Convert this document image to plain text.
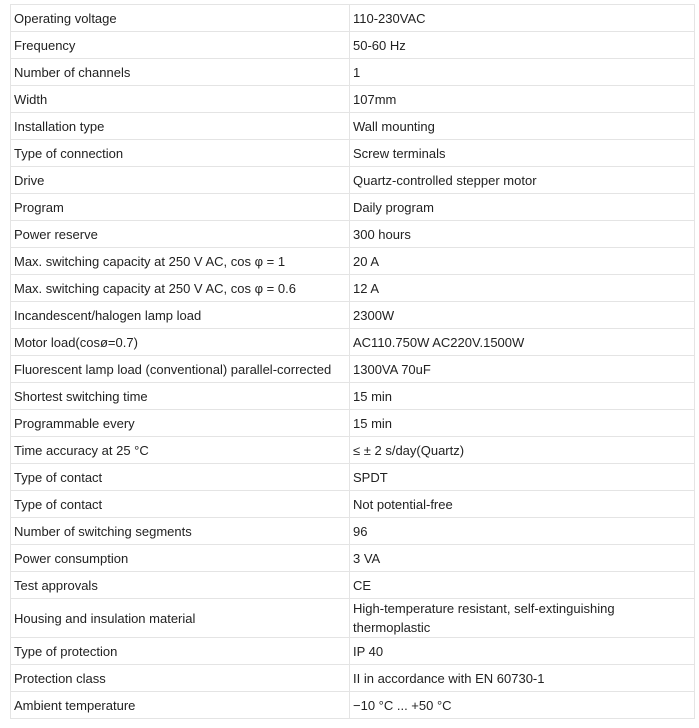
Operating voltage	110-230VAC
Frequency	50-60 Hz
Number of channels	1
Width	107mm
Installation type	Wall mounting
Type of connection	Screw terminals
Drive	Quartz-controlled stepper motor
Program	Daily program
Power reserve	300 hours
Max. switching capacity at 250 V AC, cos φ = 1	20 A
Max. switching capacity at 250 V AC, cos φ = 0.6	12 A
Incandescent/halogen lamp load	2300W
Motor load(cosø=0.7)	AC110.750W AC220V.1500W
Fluorescent lamp load (conventional) parallel-corrected	1300VA 70uF
Shortest switching time	15 min
Programmable every	15 min
Time accuracy at 25 °C	≤ ± 2 s/day(Quartz)
Type of contact	SPDT
Type of contact	Not potential-free
Number of switching segments	96
Power consumption	3 VA
Test approvals	CE
Housing and insulation material	High-temperature resistant, self-extinguishing thermoplastic
Type of protection	IP 40
Protection class	II in accordance with EN 60730-1
Ambient temperature	−10 °C ... +50 °C
